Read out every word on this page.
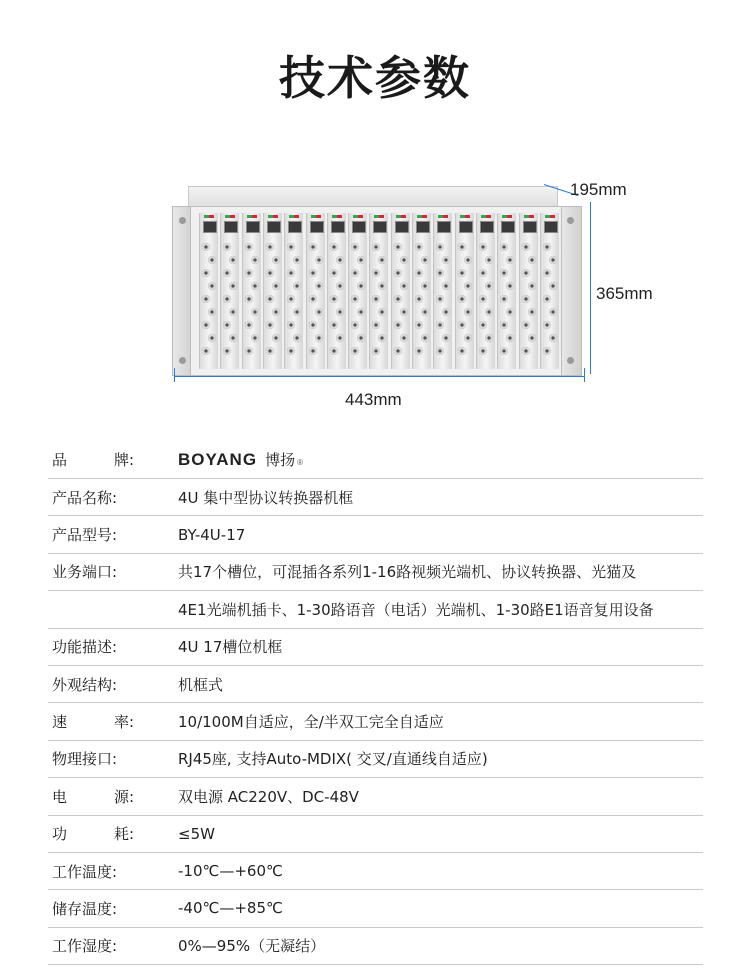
技术参数
195mm
365mm
443mm
品	牌:	BOYANG 博扬 ®
产品名称:	4U 集中型协议转换器机框
产品型号:	BY-4U-17
业务端口:	共17个槽位，可混插各系列1-16路视频光端机、协议转换器、光猫及
4E1光端机插卡、1-30路语音（电话）光端机、1-30路E1语音复用设备
功能描述:	4U 17槽位机框
外观结构:	机框式
速	率:	10/100M自适应，全/半双工完全自适应
物理接口:	RJ45座, 支持Auto-MDIX( 交叉/直通线自适应)
电	源:	双电源 AC220V、DC-48V
功	耗:	≤5W
工作温度:	-10℃—+60℃
储存温度:	-40℃—+85℃
工作湿度:	0%—95%（无凝结）
